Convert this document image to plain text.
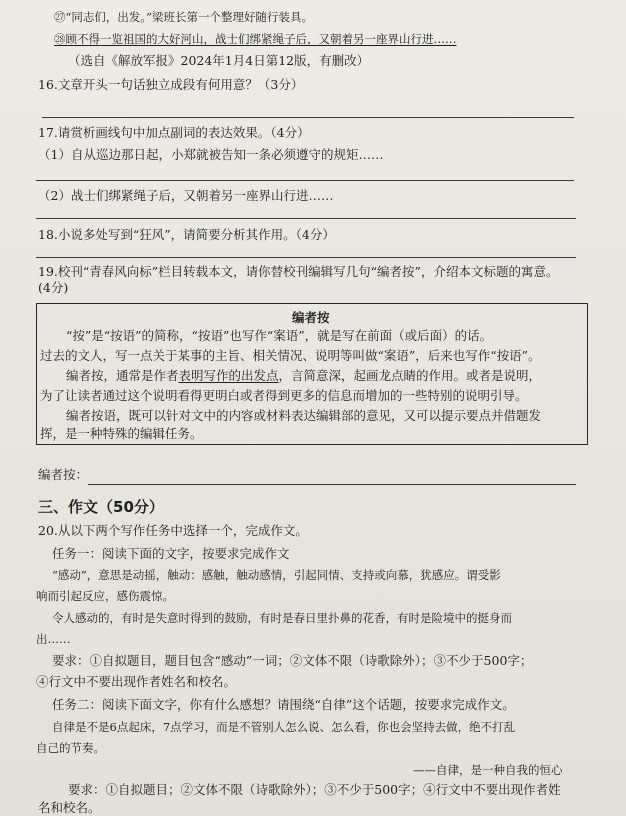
㉗“同志们，出发。”梁班长第一个整理好随行装具。
㉘顾不得一览祖国的大好河山，战士们绑紧绳子后，又朝着另一座界山行进……
（选自《解放军报》2024年1月4日第12版，有删改）
16.文章开头一句话独立成段有何用意？（3分）
17.请赏析画线句中加点副词的表达效果。（4分）
（1）自从巡边那日起，小郑就被告知一条必须遵守的规矩……
（2）战士们绑紧绳子后，又朝着另一座界山行进……
18.小说多处写到“狂风”，请简要分析其作用。（4分）
19.校刊“青春风向标”栏目转载本文，请你替校刊编辑写几句“编者按”，介绍本文标题的寓意。
(4分)
编者按
“按”是“按语”的简称，“按语”也写作“案语”，就是写在前面（或后面）的话。
过去的文人，写一点关于某事的主旨、相关情况、说明等叫做“案语”，后来也写作“按语”。
编者按，通常是作者表明写作的出发点，言简意深，起画龙点睛的作用。或者是说明，
为了让读者通过这个说明看得更明白或者得到更多的信息而增加的一些特别的说明引导。
编者按语，既可以针对文中的内容或材料表达编辑部的意见，又可以提示要点并借题发
挥，是一种特殊的编辑任务。
编者按：
三、作文（50分）
20.从以下两个写作任务中选择一个，完成作文。
任务一：阅读下面的文字，按要求完成作文
“感动”，意思是动摇，触动：感触，触动感情，引起同情、支持或向慕，犹感应。谓受影
响而引起反应，感伤震惊。
令人感动的，有时是失意时得到的鼓励，有时是春日里扑鼻的花香，有时是险境中的挺身而
出……
要求：①自拟题目，题目包含“感动”一词；②文体不限（诗歌除外）；③不少于500字；
④行文中不要出现作者姓名和校名。
任务二：阅读下面文字，你有什么感想？请围绕“自律”这个话题，按要求完成作文。
自律是不是6点起床，7点学习，而是不管别人怎么说、怎么看，你也会坚持去做，绝不打乱
自己的节奏。
——自律，是一种自我的恒心
要求：①自拟题目；②文体不限（诗歌除外）；③不少于500字；④行文中不要出现作者姓
名和校名。
